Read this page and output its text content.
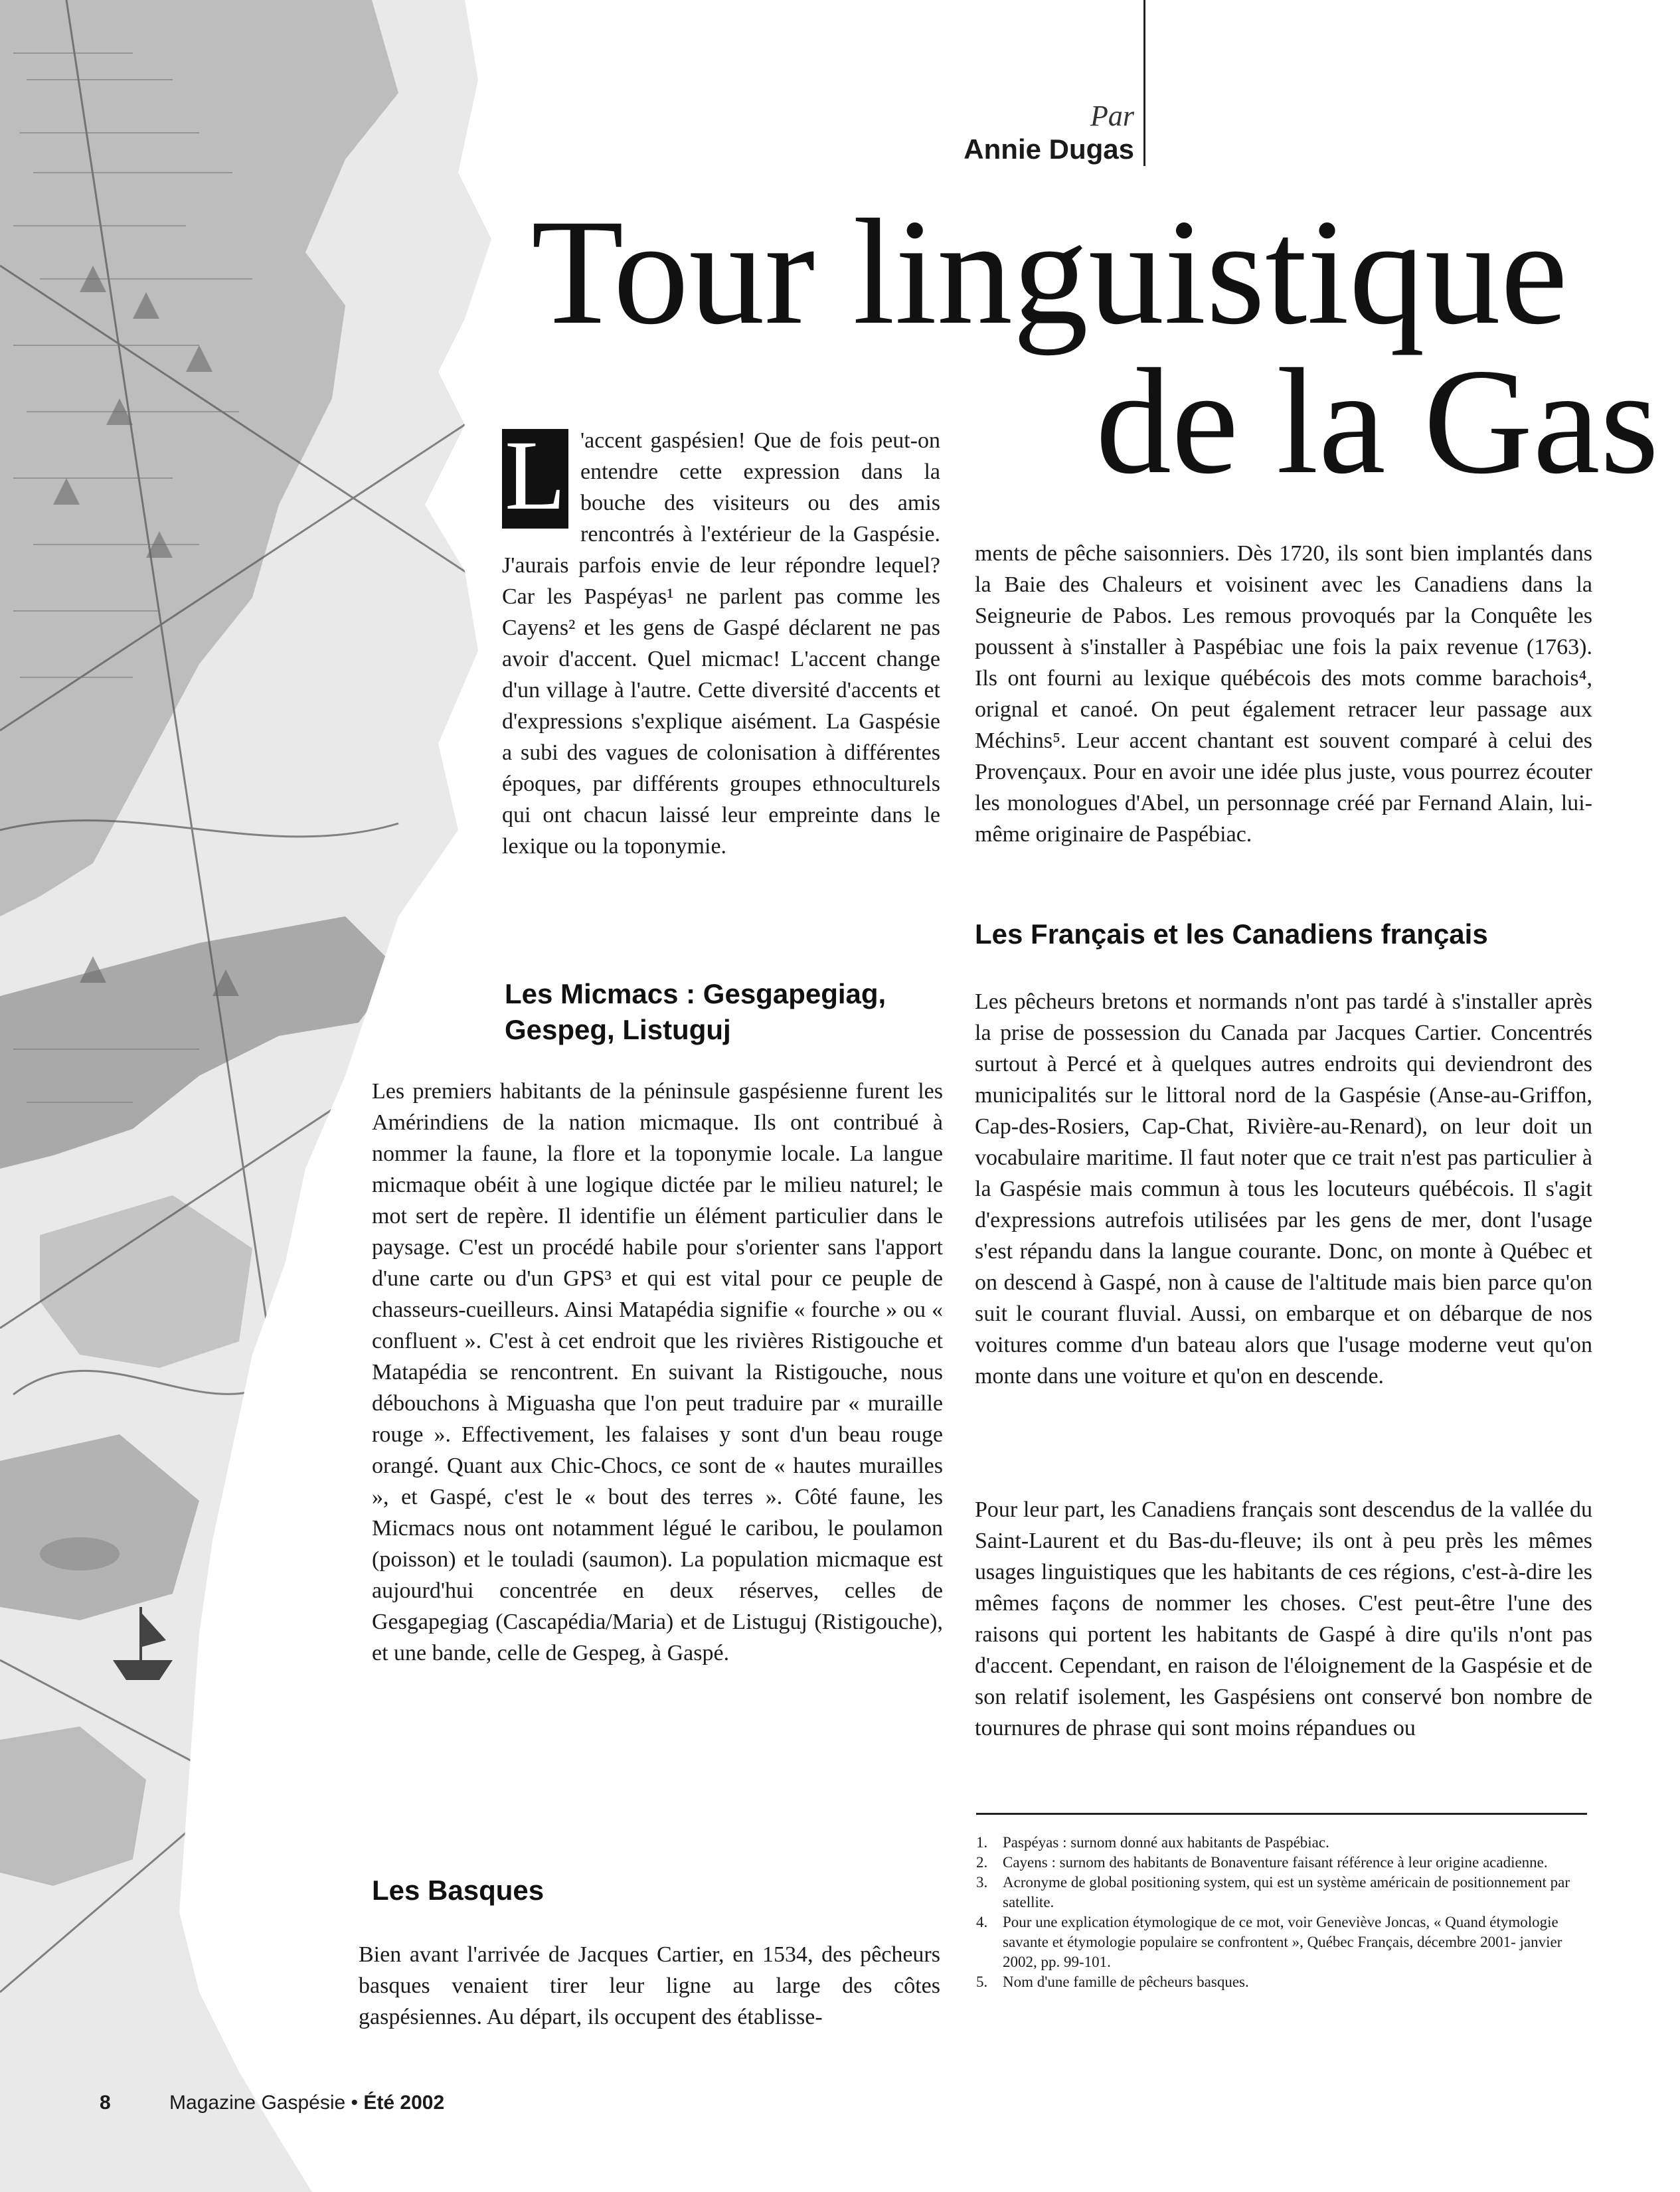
Par
Annie Dugas
Tour linguistique
de la Gas
L 'accent gaspésien! Que de fois peut-on entendre cette expression dans la bouche des visiteurs ou des amis rencontrés à l'extérieur de la Gaspésie. J'aurais parfois envie de leur répondre lequel? Car les Paspéyas¹ ne parlent pas comme les Cayens² et les gens de Gaspé déclarent ne pas avoir d'accent. Quel micmac! L'accent change d'un village à l'autre. Cette diversité d'accents et d'expressions s'explique aisément. La Gaspésie a subi des vagues de colonisation à différentes époques, par différents groupes ethnoculturels qui ont chacun laissé leur empreinte dans le lexique ou la toponymie.
Les Micmacs : Gesgapegiag, Gespeg, Listuguj
Les premiers habitants de la péninsule gaspésienne furent les Amérindiens de la nation micmaque. Ils ont contribué à nommer la faune, la flore et la toponymie locale. La langue micmaque obéit à une logique dictée par le milieu naturel; le mot sert de repère. Il identifie un élément particulier dans le paysage. C'est un procédé habile pour s'orienter sans l'apport d'une carte ou d'un GPS³ et qui est vital pour ce peuple de chasseurs-cueilleurs. Ainsi Matapédia signifie « fourche » ou « confluent ». C'est à cet endroit que les rivières Ristigouche et Matapédia se rencontrent. En suivant la Ristigouche, nous débouchons à Miguasha que l'on peut traduire par « muraille rouge ». Effectivement, les falaises y sont d'un beau rouge orangé. Quant aux Chic-Chocs, ce sont de « hautes murailles », et Gaspé, c'est le « bout des terres ». Côté faune, les Micmacs nous ont notamment légué le caribou, le poulamon (poisson) et le touladi (saumon). La population micmaque est aujourd'hui concentrée en deux réserves, celles de Gesgapegiag (Cascapédia/Maria) et de Listuguj (Ristigouche), et une bande, celle de Gespeg, à Gaspé.
Les Basques
Bien avant l'arrivée de Jacques Cartier, en 1534, des pêcheurs basques venaient tirer leur ligne au large des côtes gaspésiennes. Au départ, ils occupent des établisse-
ments de pêche saisonniers. Dès 1720, ils sont bien implantés dans la Baie des Chaleurs et voisinent avec les Canadiens dans la Seigneurie de Pabos. Les remous provoqués par la Conquête les poussent à s'installer à Paspébiac une fois la paix revenue (1763). Ils ont fourni au lexique québécois des mots comme barachois⁴, orignal et canoé. On peut également retracer leur passage aux Méchins⁵. Leur accent chantant est souvent comparé à celui des Provençaux. Pour en avoir une idée plus juste, vous pourrez écouter les monologues d'Abel, un personnage créé par Fernand Alain, lui-même originaire de Paspébiac.
Les Français et les Canadiens français
Les pêcheurs bretons et normands n'ont pas tardé à s'installer après la prise de possession du Canada par Jacques Cartier. Concentrés surtout à Percé et à quelques autres endroits qui deviendront des municipalités sur le littoral nord de la Gaspésie (Anse-au-Griffon, Cap-des-Rosiers, Cap-Chat, Rivière-au-Renard), on leur doit un vocabulaire maritime. Il faut noter que ce trait n'est pas particulier à la Gaspésie mais commun à tous les locuteurs québécois. Il s'agit d'expressions autrefois utilisées par les gens de mer, dont l'usage s'est répandu dans la langue courante. Donc, on monte à Québec et on descend à Gaspé, non à cause de l'altitude mais bien parce qu'on suit le courant fluvial. Aussi, on embarque et on débarque de nos voitures comme d'un bateau alors que l'usage moderne veut qu'on monte dans une voiture et qu'on en descende.
Pour leur part, les Canadiens français sont descendus de la vallée du Saint-Laurent et du Bas-du-fleuve; ils ont à peu près les mêmes usages linguistiques que les habitants de ces régions, c'est-à-dire les mêmes façons de nommer les choses. C'est peut-être l'une des raisons qui portent les habitants de Gaspé à dire qu'ils n'ont pas d'accent. Cependant, en raison de l'éloignement de la Gaspésie et de son relatif isolement, les Gaspésiens ont conservé bon nombre de tournures de phrase qui sont moins répandues ou
1. Paspéyas : surnom donné aux habitants de Paspébiac.
2. Cayens : surnom des habitants de Bonaventure faisant référence à leur origine acadienne.
3. Acronyme de global positioning system, qui est un système américain de positionnement par satellite.
4. Pour une explication étymologique de ce mot, voir Geneviève Joncas, « Quand étymologie savante et étymologie populaire se confrontent », Québec Français, décembre 2001- janvier 2002, pp. 99-101.
5. Nom d'une famille de pêcheurs basques.
8	Magazine Gaspésie • Été 2002
